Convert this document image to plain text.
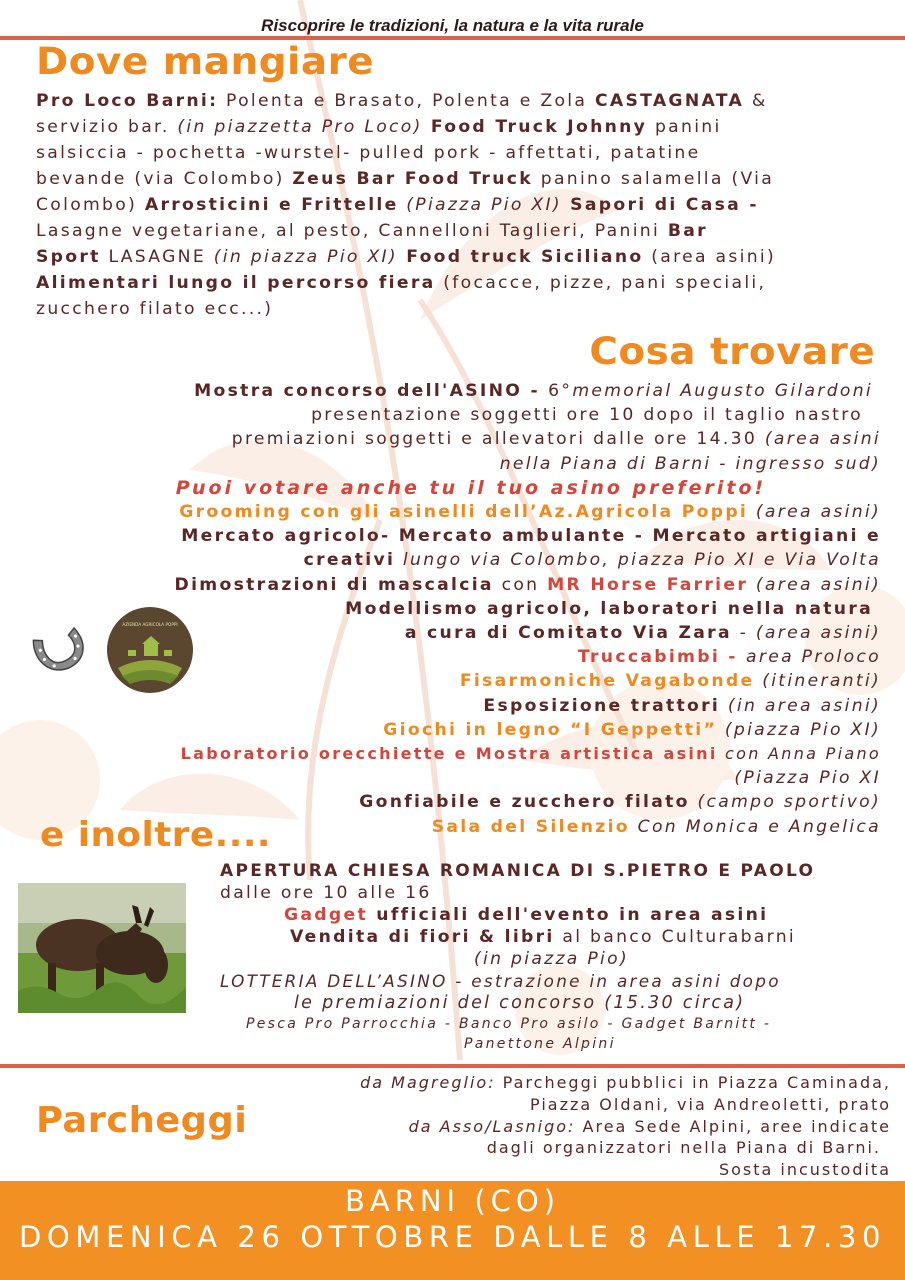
Riscoprire le tradizioni, la natura e la vita rurale
Dove mangiare
Pro Loco Barni: Polenta e Brasato, Polenta e Zola CASTAGNATA &
servizio bar. (in piazzetta Pro Loco) Food Truck Johnny panini
salsiccia - pochetta -wurstel- pulled pork - affettati, patatine
bevande (via Colombo) Zeus Bar Food Truck panino salamella (Via
Colombo) Arrosticini e Frittelle (Piazza Pio XI) Sapori di Casa -
Lasagne vegetariane, al pesto, Cannelloni Taglieri, Panini Bar
Sport LASAGNE (in piazza Pio XI) Food truck Siciliano (area asini)
Alimentari lungo il percorso fiera (focacce, pizze, pani speciali,
zucchero filato ecc...)
Cosa trovare
Mostra concorso dell'ASINO - 6°memorial Augusto Gilardoni
presentazione soggetti ore 10 dopo il taglio nastro
premiazioni soggetti e allevatori dalle ore 14.30 (area asini
nella Piana di Barni - ingresso sud)
Puoi votare anche tu il tuo asino preferito!
Grooming con gli asinelli dell’Az.Agricola Poppi (area asini)
Mercato agricolo- Mercato ambulante - Mercato artigiani e
creativi lungo via Colombo, piazza Pio XI e Via Volta
Dimostrazioni di mascalcia con MR Horse Farrier (area asini)
Modellismo agricolo, laboratori nella natura
a cura di Comitato Via Zara - (area asini)
Truccabimbi - area Proloco
Fisarmoniche Vagabonde (itineranti)
Esposizione trattori (in area asini)
Giochi in legno “I Geppetti” (piazza Pio XI)
Laboratorio orecchiette e Mostra artistica asini con Anna Piano
(Piazza Pio XI
Gonfiabile e zucchero filato (campo sportivo)
Sala del Silenzio Con Monica e Angelica
AZIENDA AGRICOLA POPPI
e inoltre....
APERTURA CHIESA ROMANICA DI S.PIETRO E PAOLO
dalle ore 10 alle 16
Gadget ufficiali dell'evento in area asini
Vendita di fiori & libri al banco Culturabarni
(in piazza Pio)
LOTTERIA DELL’ASINO - estrazione in area asini dopo
le premiazioni del concorso (15.30 circa)
Pesca Pro Parrocchia - Banco Pro asilo - Gadget Barnitt -
Panettone Alpini
Parcheggi
da Magreglio: Parcheggi pubblici in Piazza Caminada,
Piazza Oldani, via Andreoletti, prato
da Asso/Lasnigo: Area Sede Alpini, aree indicate
dagli organizzatori nella Piana di Barni.
Sosta incustodita
BARNI (CO)
DOMENICA 26 OTTOBRE DALLE 8 ALLE 17.30
